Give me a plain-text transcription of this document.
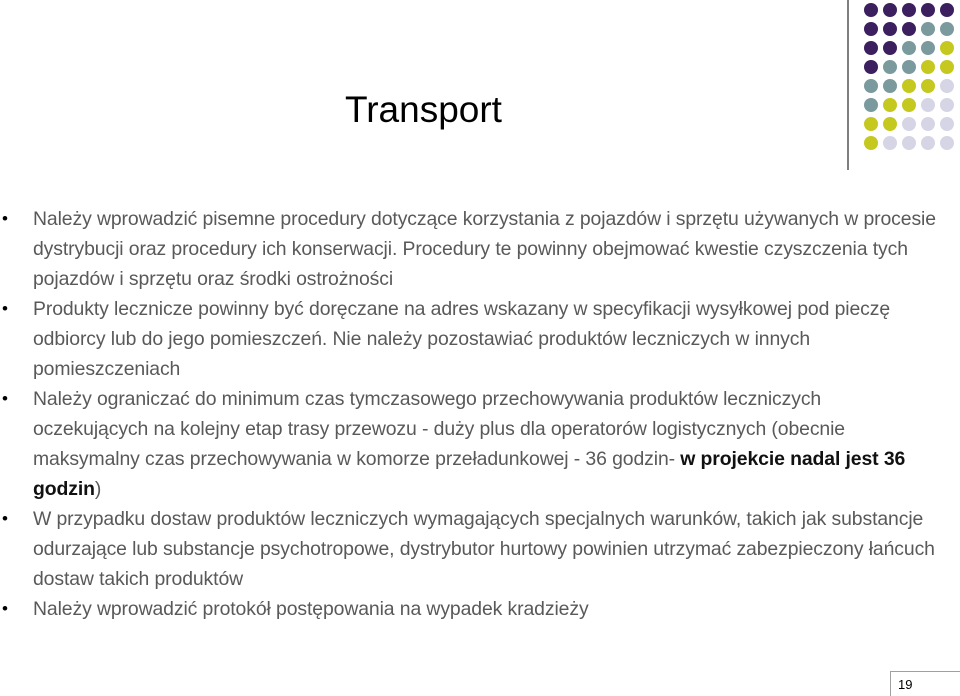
Transport
• Należy wprowadzić pisemne procedury dotyczące korzystania z pojazdów i sprzętu używanych w procesie dystrybucji oraz procedury ich konserwacji. Procedury te powinny obejmować kwestie czyszczenia tych pojazdów i sprzętu oraz środki ostrożności
• Produkty lecznicze powinny być doręczane na adres wskazany w specyfikacji wysyłkowej pod pieczę odbiorcy lub do jego pomieszczeń. Nie należy pozostawiać produktów leczniczych w innych pomieszczeniach
• Należy ograniczać do minimum czas tymczasowego przechowywania produktów leczniczych oczekujących na kolejny etap trasy przewozu - duży plus dla operatorów logistycznych (obecnie maksymalny czas przechowywania w komorze przeładunkowej - 36 godzin- w projekcie nadal jest 36 godzin)
• W przypadku dostaw produktów leczniczych wymagających specjalnych warunków, takich jak substancje odurzające lub substancje psychotropowe, dystrybutor hurtowy powinien utrzymać zabezpieczony łańcuch dostaw takich produktów
• Należy wprowadzić protokół postępowania na wypadek kradzieży
19
